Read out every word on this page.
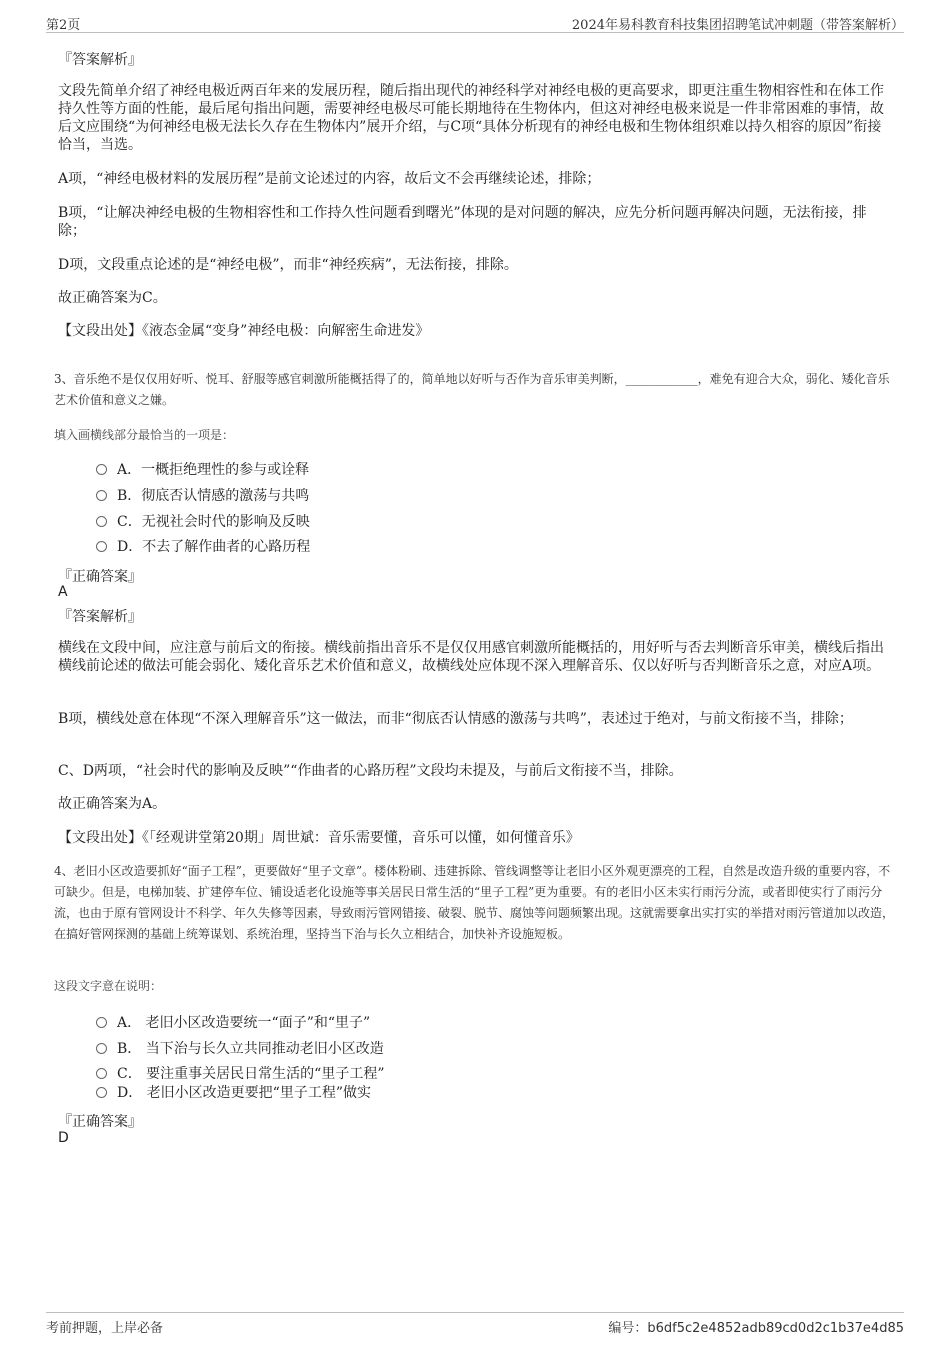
第2页	2024年易科教育科技集团招聘笔试冲刺题（带答案解析）
『答案解析』
文段先简单介绍了神经电极近两百年来的发展历程，随后指出现代的神经科学对神经电极的更高要求，即更注重生物相容性和在体工作持久性等方面的性能，最后尾句指出问题，需要神经电极尽可能长期地待在生物体内，但这对神经电极来说是一件非常困难的事情，故后文应围绕“为何神经电极无法长久存在生物体内”展开介绍，与C项“具体分析现有的神经电极和生物体组织难以持久相容的原因”衔接恰当，当选。
A项，“神经电极材料的发展历程”是前文论述过的内容，故后文不会再继续论述，排除；
B项，“让解决神经电极的生物相容性和工作持久性问题看到曙光”体现的是对问题的解决，应先分析问题再解决问题，无法衔接，排除；
D项，文段重点论述的是“神经电极”，而非“神经疾病”，无法衔接，排除。
故正确答案为C。
【文段出处】《液态金属“变身”神经电极：向解密生命进发》
3、音乐绝不是仅仅用好听、悦耳、舒服等感官刺激所能概括得了的，简单地以好听与否作为音乐审美判断，____________，难免有迎合大众，弱化、矮化音乐艺术价值和意义之嫌。
填入画横线部分最恰当的一项是：
A．一概拒绝理性的参与或诠释
B．彻底否认情感的激荡与共鸣
C．无视社会时代的影响及反映
D．不去了解作曲者的心路历程
『正确答案』
A
『答案解析』
横线在文段中间，应注意与前后文的衔接。横线前指出音乐不是仅仅用感官刺激所能概括的，用好听与否去判断音乐审美，横线后指出横线前论述的做法可能会弱化、矮化音乐艺术价值和意义，故横线处应体现不深入理解音乐、仅以好听与否判断音乐之意，对应A项。
B项，横线处意在体现“不深入理解音乐”这一做法，而非“彻底否认情感的激荡与共鸣”，表述过于绝对，与前文衔接不当，排除；
C、D两项，“社会时代的影响及反映”“作曲者的心路历程”文段均未提及，与前后文衔接不当，排除。
故正确答案为A。
【文段出处】《「经观讲堂第20期」周世斌：音乐需要懂，音乐可以懂，如何懂音乐》
4、老旧小区改造要抓好“面子工程”，更要做好“里子文章”。楼体粉刷、违建拆除、管线调整等让老旧小区外观更漂亮的工程，自然是改造升级的重要内容，不可缺少。但是，电梯加装、扩建停车位、铺设适老化设施等事关居民日常生活的“里子工程”更为重要。有的老旧小区未实行雨污分流，或者即使实行了雨污分流，也由于原有管网设计不科学、年久失修等因素，导致雨污管网错接、破裂、脱节、腐蚀等问题频繁出现。这就需要拿出实打实的举措对雨污管道加以改造，在搞好管网探测的基础上统筹谋划、系统治理，坚持当下治与长久立相结合，加快补齐设施短板。
这段文字意在说明：
A． 老旧小区改造要统一“面子”和“里子”
B． 当下治与长久立共同推动老旧小区改造
C． 要注重事关居民日常生活的“里子工程”
D． 老旧小区改造更要把“里子工程”做实
『正确答案』
D
考前押题，上岸必备	编号：b6df5c2e4852adb89cd0d2c1b37e4d85
